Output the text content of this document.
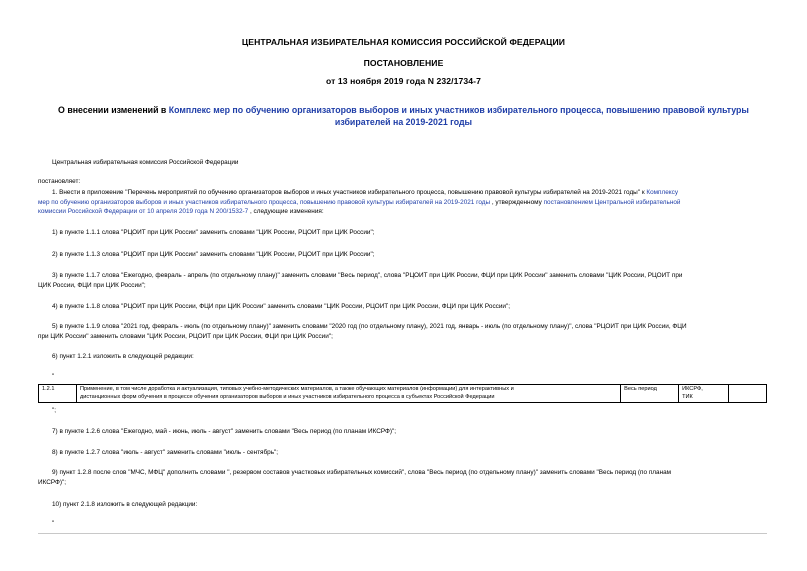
ЦЕНТРАЛЬНАЯ ИЗБИРАТЕЛЬНАЯ КОМИССИЯ РОССИЙСКОЙ ФЕДЕРАЦИИ
ПОСТАНОВЛЕНИЕ
от 13 ноября 2019 года N 232/1734-7
О внесении изменений в Комплекс мер по обучению организаторов выборов и иных участников избирательного процесса, повышению правовой культуры избирателей на 2019-2021 годы
Центральная избирательная комиссия Российской Федерации
постановляет:
1. Внести в приложение "Перечень мероприятий по обучению организаторов выборов и иных участников избирательного процесса, повышению правовой культуры избирателей на 2019-2021 годы" к Комплексу
мер по обучению организаторов выборов и иных участников избирательного процесса, повышению правовой культуры избирателей на 2019-2021 годы , утвержденному постановлением Центральной избирательной
комиссии Российской Федерации от 10 апреля 2019 года N 200/1532-7 , следующие изменения:
1) в пункте 1.1.1 слова "РЦОИТ при ЦИК России" заменить словами "ЦИК России, РЦОИТ при ЦИК России";
2) в пункте 1.1.3 слова "РЦОИТ при ЦИК России" заменить словами "ЦИК России, РЦОИТ при ЦИК России";
3) в пункте 1.1.7 слова "Ежегодно, февраль - апрель (по отдельному плану)" заменить словами "Весь период", слова "РЦОИТ при ЦИК России, ФЦИ при ЦИК России" заменить словами "ЦИК России, РЦОИТ при
ЦИК России, ФЦИ при ЦИК России";
4) в пункте 1.1.8 слова "РЦОИТ при ЦИК России, ФЦИ при ЦИК России" заменить словами "ЦИК России, РЦОИТ при ЦИК России, ФЦИ при ЦИК России";
5) в пункте 1.1.9 слова "2021 год, февраль - июль (по отдельному плану)" заменить словами "2020 год (по отдельному плану), 2021 год, январь - июль (по отдельному плану)", слова "РЦОИТ при ЦИК России, ФЦИ
при ЦИК России" заменить словами "ЦИК России, РЦОИТ при ЦИК России, ФЦИ при ЦИК России";
6) пункт 1.2.1 изложить в следующей редакции:
"
1.2.1	Применение, в том числе доработка и актуализация, типовых учебно-методических материалов, а также обучающих материалов (информации) для интерактивных и
дистанционных форм обучения в процессе обучения организаторов выборов и иных участников избирательного процесса в субъектах Российской Федерации
	Весь период	ИКСРФ,
ТИК

";
7) в пункте 1.2.6 слова "Ежегодно, май - июнь, июль - август" заменить словами "Весь период (по планам ИКСРФ)";
8) в пункте 1.2.7 слова "июль - август" заменить словами "июль - сентябрь";
9) пункт 1.2.8 после слов "МЧС, МФЦ" дополнить словами ", резервом составов участковых избирательных комиссий", слова "Весь период (по отдельному плану)" заменить словами "Весь период (по планам
ИКСРФ)";
10) пункт 2.1.8 изложить в следующей редакции:
"
